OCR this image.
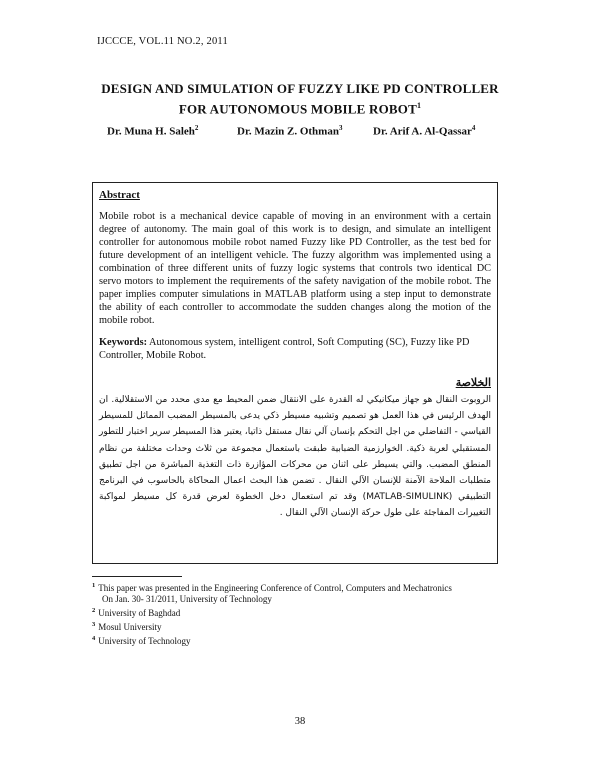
IJCCCE, VOL.11 NO.2, 2011
DESIGN AND SIMULATION OF FUZZY LIKE PD CONTROLLER
FOR AUTONOMOUS MOBILE ROBOT$^1$
Dr. Muna H. Saleh$^2$	Dr. Mazin Z. Othman$^3$	Dr. Arif A. Al-Qassar$^4$
Abstract
Mobile robot is a mechanical device capable of moving in an environment with a certain degree of autonomy. The main goal of this work is to design, and simulate an intelligent controller for autonomous mobile robot named Fuzzy like PD Controller, as the test bed for future development of an intelligent vehicle. The fuzzy algorithm was implemented using a combination of three different units of fuzzy logic systems that controls two identical DC servo motors to implement the requirements of the safety navigation of the mobile robot. The paper implies computer simulations in MATLAB platform using a step input to demonstrate the ability of each controller to accommodate the sudden changes along the motion of the mobile robot.
Keywords: Autonomous system, intelligent control, Soft Computing (SC), Fuzzy like PD Controller, Mobile Robot.
الخلاصة
الروبوت النقال هو جهاز ميكانيكي له القدرة على الانتقال ضمن المحيط مع مدى محدد من الاستقلالية. ان الهدف الرئيس في هذا العمل هو تصميم وتشبيه مسيطر ذكي يدعى بالمسيطر المضبب المماثل للمسيطر القياسي - التفاضلي من اجل التحكم بإنسان آلي نقال مستقل ذاتيا، يعتبر هذا المسيطر سرير اختبار للتطور المستقبلي لعربة ذكية. الخوارزمية الضبابية طبقت باستعمال مجموعة من ثلاث وحدات مختلفة من نظام المنطق المضبب. والتي يسيطر على اثنان من محركات المؤازرة ذات التغذية المباشرة من اجل تطبيق متطلبات الملاحة الآمنة للإنسان الآلي النقال . تضمن هذا البحث اعمال المحاكاة بالحاسوب في البرنامج التطبيقي (MATLAB-SIMULINK) وقد تم استعمال دخل الخطوة لعرض قدرة كل مسيطر لمواكبة التغييرات المفاجئة على طول حركة الإنسان الآلي النقال .
$^1$ This paper was presented in the Engineering Conference of Control, Computers and Mechatronics
On Jan. 30- 31/2011, University of Technology
$^2$ University of Baghdad
$^3$ Mosul University
$^4$ University of Technology
38
